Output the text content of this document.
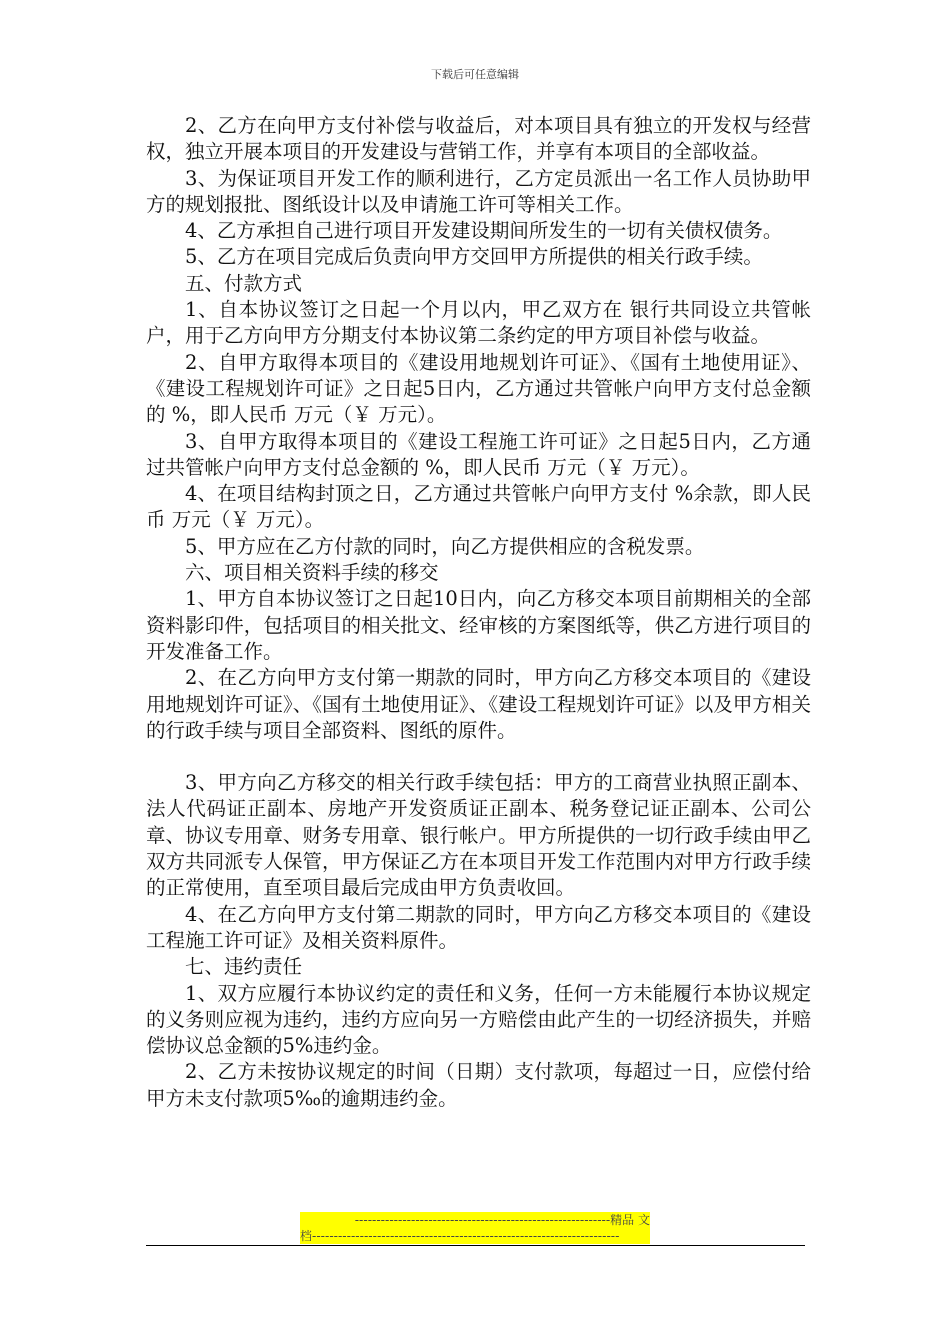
下载后可任意编辑

2、乙方在向甲方支付补偿与收益后，对本项目具有独立的开发权与经营权，独立开展本项目的开发建设与营销工作，并享有本项目的全部收益。

3、为保证项目开发工作的顺利进行，乙方定员派出一名工作人员协助甲方的规划报批、图纸设计以及申请施工许可等相关工作。

4、乙方承担自己进行项目开发建设期间所发生的一切有关债权债务。

5、乙方在项目完成后负责向甲方交回甲方所提供的相关行政手续。

五、付款方式

1、自本协议签订之日起一个月以内，甲乙双方在 银行共同设立共管帐户，用于乙方向甲方分期支付本协议第二条约定的甲方项目补偿与收益。

2、自甲方取得本项目的《建设用地规划许可证》、《国有土地使用证》、《建设工程规划许可证》之日起5日内，乙方通过共管帐户向甲方支付总金额的 %，即人民币 万元（￥ 万元）。

3、自甲方取得本项目的《建设工程施工许可证》之日起5日内，乙方通过共管帐户向甲方支付总金额的 %，即人民币 万元（￥ 万元）。

4、在项目结构封顶之日，乙方通过共管帐户向甲方支付 %余款，即人民币 万元（￥ 万元）。

5、甲方应在乙方付款的同时，向乙方提供相应的含税发票。

六、项目相关资料手续的移交

1、甲方自本协议签订之日起10日内，向乙方移交本项目前期相关的全部资料影印件，包括项目的相关批文、经审核的方案图纸等，供乙方进行项目的开发准备工作。

2、在乙方向甲方支付第一期款的同时，甲方向乙方移交本项目的《建设用地规划许可证》、《国有土地使用证》、《建设工程规划许可证》以及甲方相关的行政手续与项目全部资料、图纸的原件。

3、甲方向乙方移交的相关行政手续包括：甲方的工商营业执照正副本、法人代码证正副本、房地产开发资质证正副本、税务登记证正副本、公司公章、协议专用章、财务专用章、银行帐户。甲方所提供的一切行政手续由甲乙双方共同派专人保管，甲方保证乙方在本项目开发工作范围内对甲方行政手续的正常使用，直至项目最后完成由甲方负责收回。

4、在乙方向甲方支付第二期款的同时，甲方向乙方移交本项目的《建设工程施工许可证》及相关资料原件。

七、违约责任

1、双方应履行本协议约定的责任和义务，任何一方未能履行本协议规定的义务则应视为违约，违约方应向另一方赔偿由此产生的一切经济损失，并赔偿协议总金额的5%违约金。

2、乙方未按协议规定的时间（日期）支付款项，每超过一日，应偿付给甲方未支付款项5‰的逾期违约金。

-----------------------------------------------------------精品 文
档-----------------------------------------------------------------------
